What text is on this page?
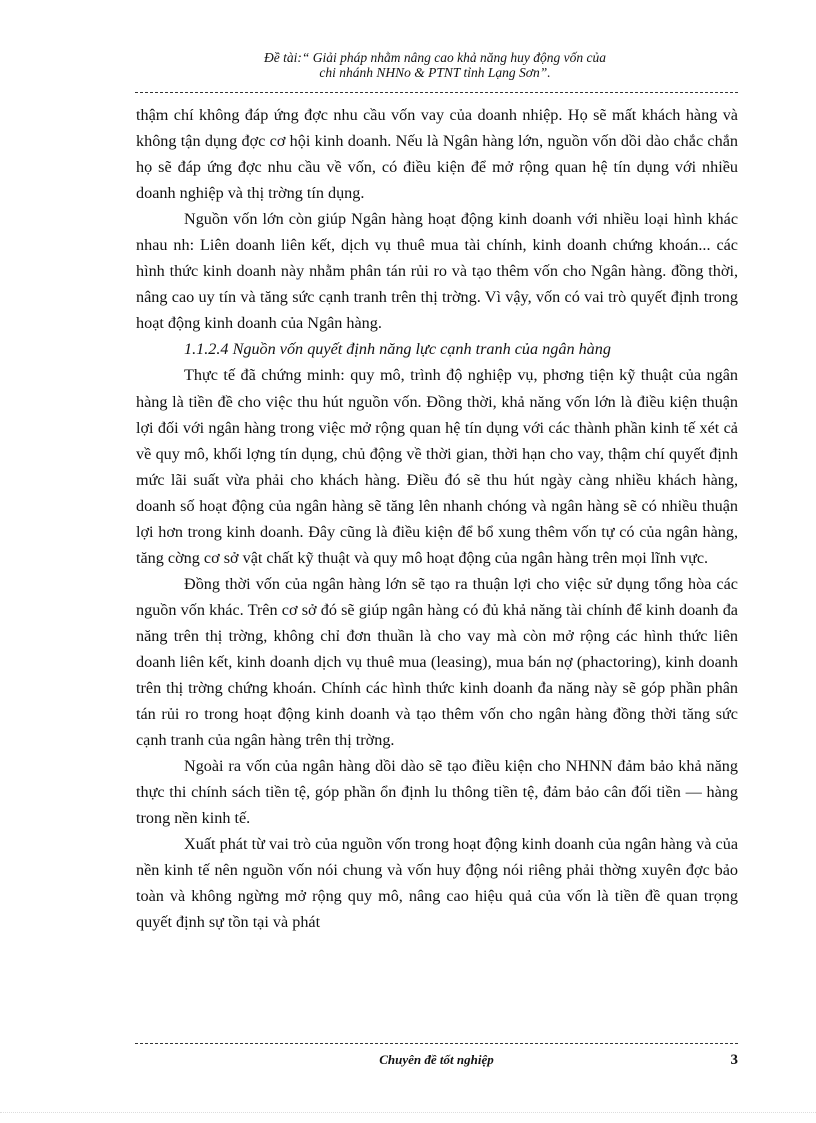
Đề tài:“ Giải pháp nhằm nâng cao khả năng huy động vốn của
chi nhánh NHNo & PTNT tỉnh Lạng Sơn”.

thậm chí không đáp ứng đợc nhu cầu vốn vay của doanh nhiệp. Họ sẽ mất khách hàng và không tận dụng đợc cơ hội kinh doanh. Nếu là Ngân hàng lớn, nguồn vốn dồi dào chắc chắn họ sẽ đáp ứng đợc nhu cầu về vốn, có điều kiện để mở rộng quan hệ tín dụng với nhiều doanh nghiệp và thị trờng tín dụng.

Nguồn vốn lớn còn giúp Ngân hàng hoạt động kinh doanh với nhiều loại hình khác nhau nh: Liên doanh liên kết, dịch vụ thuê mua tài chính, kinh doanh chứng khoán... các hình thức kinh doanh này nhằm phân tán rủi ro và tạo thêm vốn cho Ngân hàng. đồng thời, nâng cao uy tín và tăng sức cạnh tranh trên thị trờng. Vì vậy, vốn có vai trò quyết định trong hoạt động kinh doanh của Ngân hàng.

1.1.2.4 Nguồn vốn quyết định năng lực cạnh tranh của ngân hàng

Thực tế đã chứng minh: quy mô, trình độ nghiệp vụ, phơng tiện kỹ thuật của ngân hàng là tiền đề cho việc thu hút nguồn vốn. Đồng thời, khả năng vốn lớn là điều kiện thuận lợi đối với ngân hàng trong việc mở rộng quan hệ tín dụng với các thành phần kinh tế xét cả về quy mô, khối lợng tín dụng, chủ động về thời gian, thời hạn cho vay, thậm chí quyết định mức lãi suất vừa phải cho khách hàng. Điều đó sẽ thu hút ngày càng nhiều khách hàng, doanh số hoạt động của ngân hàng sẽ tăng lên nhanh chóng và ngân hàng sẽ có nhiều thuận lợi hơn trong kinh doanh. Đây cũng là điều kiện để bổ xung thêm vốn tự có của ngân hàng, tăng cờng cơ sở vật chất kỹ thuật và quy mô hoạt động của ngân hàng trên mọi lĩnh vực.

Đồng thời vốn của ngân hàng lớn sẽ tạo ra thuận lợi cho việc sử dụng tổng hòa các nguồn vốn khác. Trên cơ sở đó sẽ giúp ngân hàng có đủ khả năng tài chính để kinh doanh đa năng trên thị trờng, không chỉ đơn thuần là cho vay mà còn mở rộng các hình thức liên doanh liên kết, kinh doanh dịch vụ thuê mua (leasing), mua bán nợ (phactoring), kinh doanh trên thị trờng chứng khoán. Chính các hình thức kinh doanh đa năng này sẽ góp phần phân tán rủi ro trong hoạt động kinh doanh và tạo thêm vốn cho ngân hàng đồng thời tăng sức cạnh tranh của ngân hàng trên thị trờng.

Ngoài ra vốn của ngân hàng dồi dào sẽ tạo điều kiện cho NHNN đảm bảo khả năng thực thi chính sách tiền tệ, góp phần ổn định lu thông tiền tệ, đảm bảo cân đối tiền — hàng trong nền kinh tế.

Xuất phát từ vai trò của nguồn vốn trong hoạt động kinh doanh của ngân hàng và của nền kinh tế nên nguồn vốn nói chung và vốn huy động nói riêng phải thờng xuyên đợc bảo toàn và không ngừng mở rộng quy mô, nâng cao hiệu quả của vốn là tiền đề quan trọng quyết định sự tồn tại và phát

Chuyên đề tốt nghiệp	3
